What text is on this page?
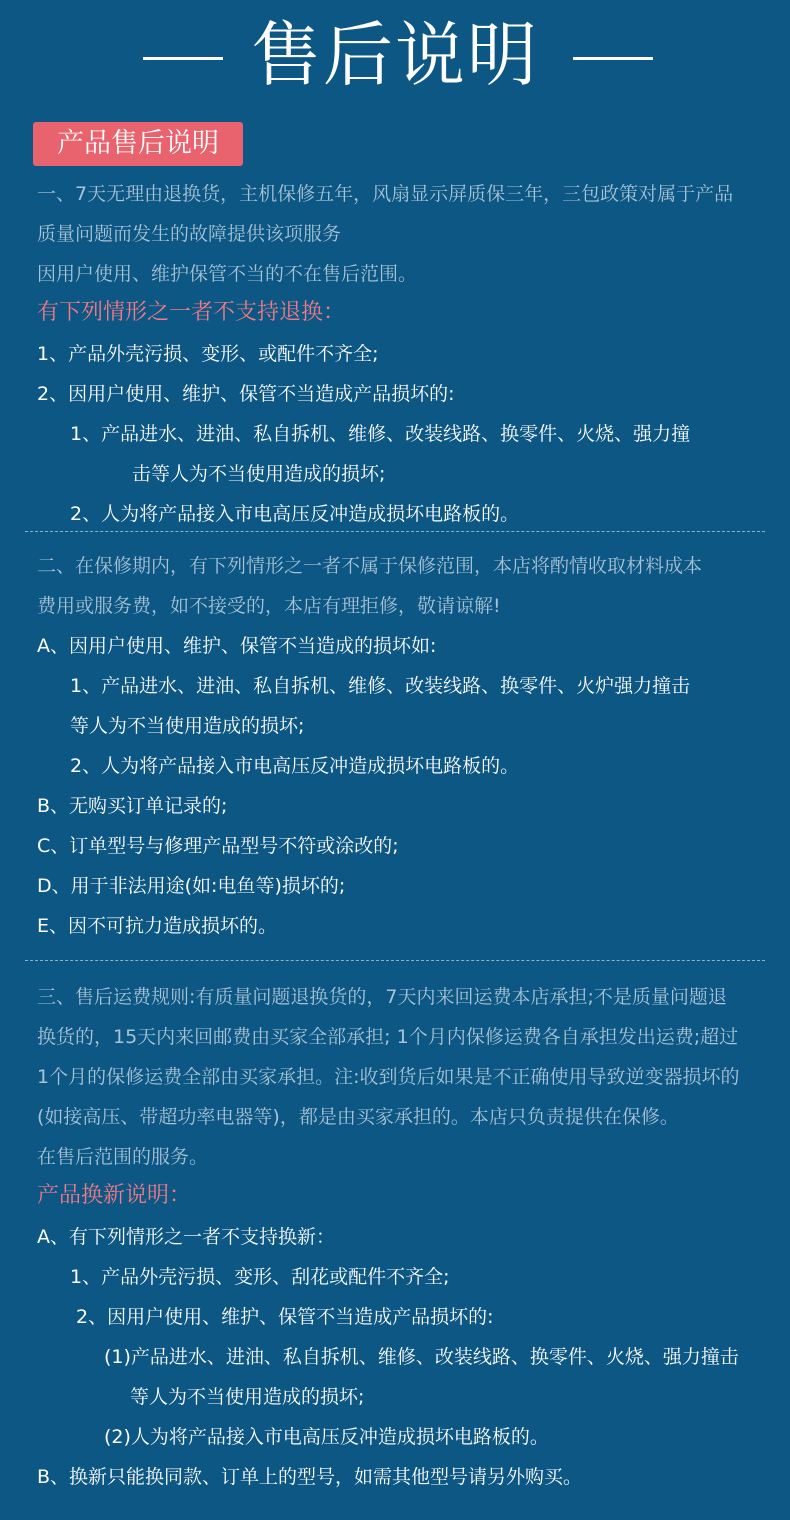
售后说明
产品售后说明
一、7天无理由退换货，主机保修五年，风扇显示屏质保三年，三包政策对属于产品
质量问题而发生的故障提供该项服务
因用户使用、维护保管不当的不在售后范围。
有下列情形之一者不支持退换：
1、产品外壳污损、变形、或配件不齐全;
2、因用户使用、维护、保管不当造成产品损坏的:
1、产品进水、进油、私自拆机、维修、改装线路、换零件、火烧、强力撞
击等人为不当使用造成的损坏;
2、人为将产品接入市电高压反冲造成损坏电路板的。
二、在保修期内，有下列情形之一者不属于保修范围，本店将酌情收取材料成本
费用或服务费，如不接受的，本店有理拒修，敬请谅解!
A、因用户使用、维护、保管不当造成的损坏如:
1、产品进水、进油、私自拆机、维修、改装线路、换零件、火炉强力撞击
等人为不当使用造成的损坏;
2、人为将产品接入市电高压反冲造成损坏电路板的。
B、无购买订单记录的;
C、订单型号与修理产品型号不符或涂改的;
D、用于非法用途(如:电鱼等)损坏的;
E、因不可抗力造成损坏的。
三、售后运费规则:有质量问题退换货的，7天内来回运费本店承担;不是质量问题退
换货的，15天内来回邮费由买家全部承担; 1个月内保修运费各自承担发出运费;超过
1个月的保修运费全部由买家承担。注:收到货后如果是不正确使用导致逆变器损坏的
(如接高压、带超功率电器等)，都是由买家承担的。本店只负责提供在保修。
在售后范围的服务。
产品换新说明：
A、有下列情形之一者不支持换新：
1、产品外壳污损、变形、刮花或配件不齐全;
2、因用户使用、维护、保管不当造成产品损坏的:
(1)产品进水、进油、私自拆机、维修、改装线路、换零件、火烧、强力撞击
等人为不当使用造成的损坏;
(2)人为将产品接入市电高压反冲造成损坏电路板的。
B、换新只能换同款、订单上的型号，如需其他型号请另外购买。
